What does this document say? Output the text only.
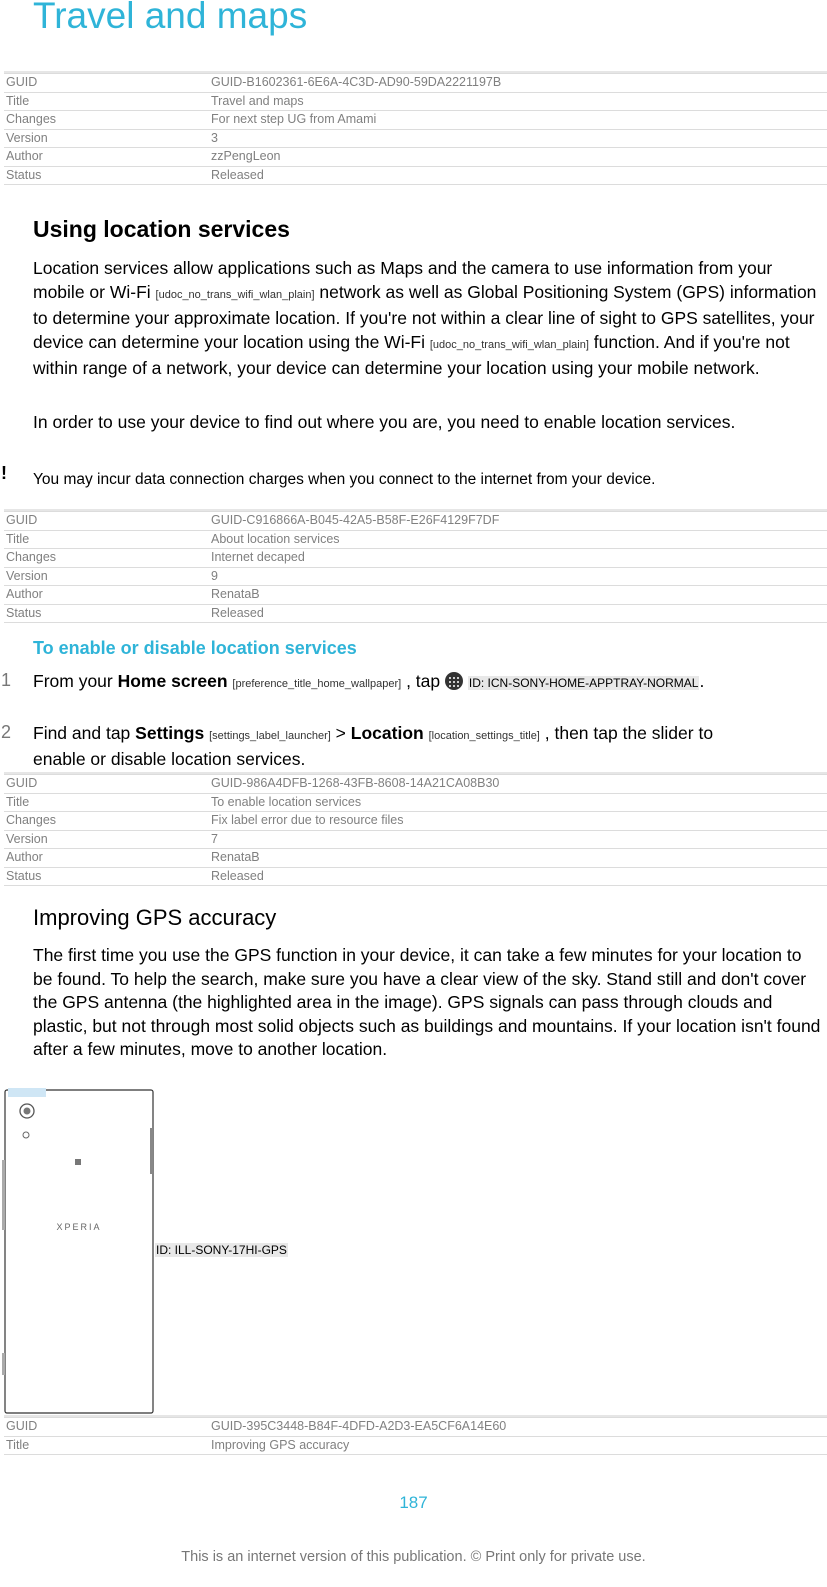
Travel and maps
GUID	GUID-B1602361-6E6A-4C3D-AD90-59DA2221197B
Title	Travel and maps
Changes	For next step UG from Amami
Version	3
Author	zzPengLeon
Status	Released
Using location services

Location services allow applications such as Maps and the camera to use information from your mobile or Wi-Fi [udoc_no_trans_wifi_wlan_plain] network as well as Global Positioning System (GPS) information to determine your approximate location. If you're not within a clear line of sight to GPS satellites, your device can determine your location using the Wi-Fi [udoc_no_trans_wifi_wlan_plain] function. And if you're not within range of a network, your device can determine your location using your mobile network.

In order to use your device to find out where you are, you need to enable location services.

! You may incur data connection charges when you connect to the internet from your device.

GUID	GUID-C916866A-B045-42A5-B58F-E26F4129F7DF
Title	About location services
Changes	Internet decaped
Version	9
Author	RenataB
Status	Released
To enable or disable location services
1 From your Home screen [preference_title_home_wallpaper] , tap ID: ICN-SONY-HOME-APPTRAY-NORMAL.

2 Find and tap Settings [settings_label_launcher] > Location [location_settings_title] , then tap the slider to enable or disable location services.

GUID	GUID-986A4DFB-1268-43FB-8608-14A21CA08B30
Title	To enable location services
Changes	Fix label error due to resource files
Version	7
Author	RenataB
Status	Released
Improving GPS accuracy

The first time you use the GPS function in your device, it can take a few minutes for your location to be found. To help the search, make sure you have a clear view of the sky. Stand still and don't cover the GPS antenna (the highlighted area in the image). GPS signals can pass through clouds and plastic, but not through most solid objects such as buildings and mountains. If your location isn't found after a few minutes, move to another location.

XPERIA
ID: ILL-SONY-17HI-GPS
GUID	GUID-395C3448-B84F-4DFD-A2D3-EA5CF6A14E60
Title	Improving GPS accuracy
187
This is an internet version of this publication. © Print only for private use.
